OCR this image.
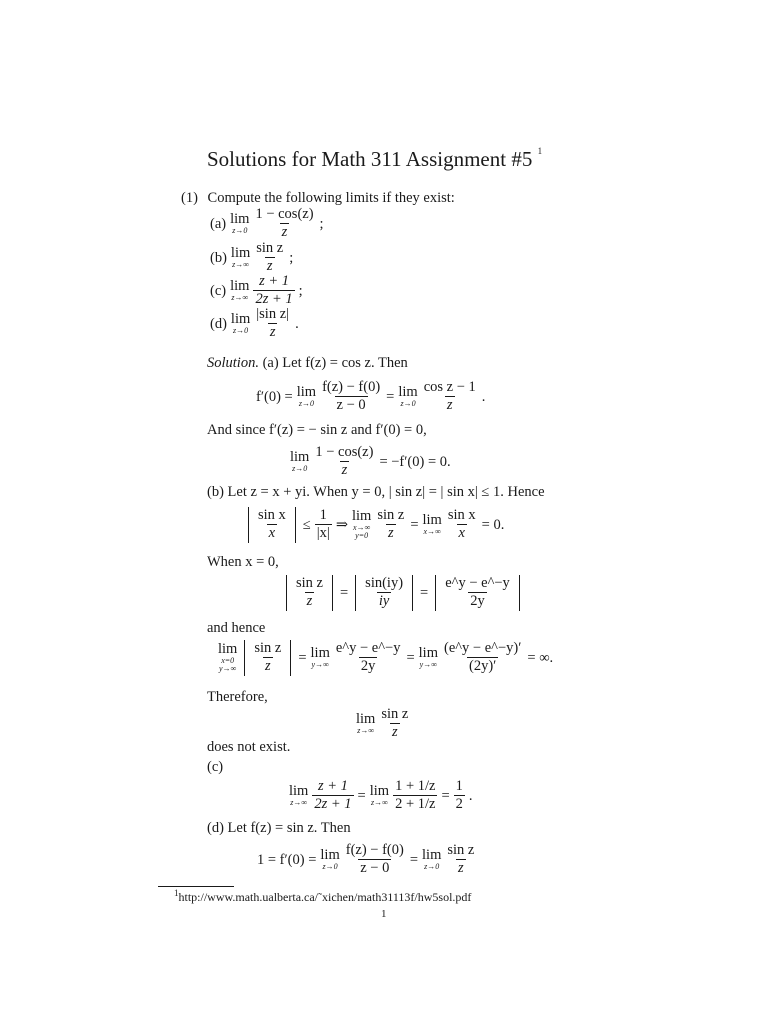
Solutions for Math 311 Assignment #5 $^1$
(1) Compute the following limits if they exist:
(a) lim
$z\to 0 \frac{1 - \cos(z)}{z}$ ;
(b) lim
$z\to\infty \frac{\text{sin z}}{z}$ ;
(c) lim
$z\to\infty \frac{z + 1}{2z + 1}$ ;
(d) lim
$z\to 0 \frac{\text{|sin z|}}{z}$ .
Solution. (a) Let f(z) = cos z. Then
f′(0) = lim
$z\to 0 \frac{f(z) - f(0)}{z - 0} = \lim$
$z\to 0 \frac{\text{cos z − 1}}{z}$ .
And since f′(z) = − sin z and f′(0) = 0,
lim
$z\to 0 \frac{1 - \cos(z)}{z} = -f'(0) = 0$.
(b) Let z = x + yi. When y = 0, | sin z| = | sin x| ≤ 1. Hence
$\frac{\text{sin x}}{x} \le \frac{1}{|x|}$ ⇒
lim
x→∞
$y=0 \frac{\text{sin z}}{z} = \lim$
$x\to\infty \frac{\text{sin x}}{x} = 0$.
When x = 0,
$\frac{\text{sin z}}{z} = \frac{\sin(iy)}{iy} = \frac{e\^{}y - e\^{}-y}{2y}$
and hence
lim
x=0
$y\to\infty \frac{\text{sin z}}{z} = \lim$
$y\to\infty \frac{e\^{}y - e\^{}-y}{2y} = \lim$
$y\to\infty \frac{(e\^{}y - e\^{}-y)'}{(2y)'}$ = ∞.
Therefore,
lim
$z\to\infty \frac{\text{sin z}}{z}$
does not exist.
(c)
lim
$z\to\infty \frac{z + 1}{2z + 1} = \lim$
$z\to\infty \frac{1 + 1/z}{2 + 1/z} = \frac{1}{2}$ .
(d) Let f(z) = sin z. Then
1 = f′(0) = lim
$z\to 0 \frac{f(z) - f(0)}{z - 0} = \lim$
$z\to 0 \frac{\text{sin z}}{z}$
$^1$http://www.math.ualberta.ca/˜xichen/math31113f/hw5sol.pdf
1
